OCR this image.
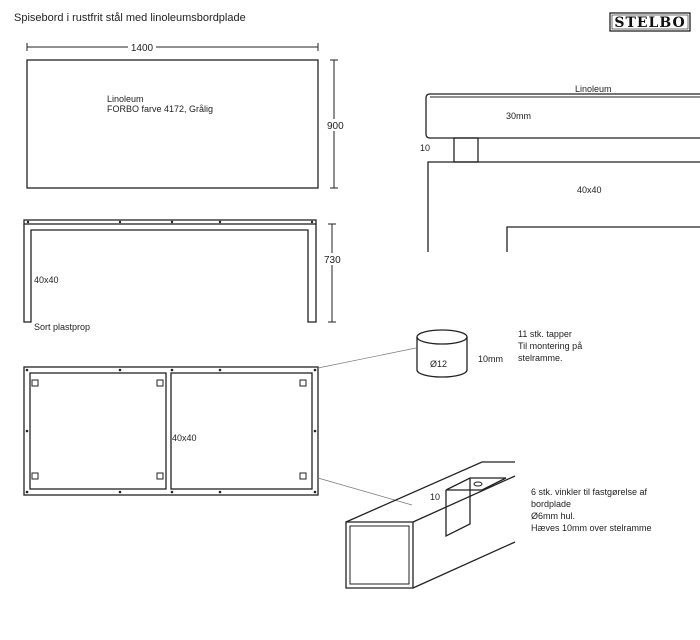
Spisebord i rustfrit stål med linoleumsbordplade	STELBO
1400
Linoleum
FORBO farve 4172, Grålig
900
40x40
Sort plastprop
730
40x40
Linoleum
30mm
10
40x40
Ø12	10mm
11 stk. tapper
Til montering på
stelramme.
10	6 stk. vinkler til fastgørelse af
bordplade
Ø6mm hul.
Hæves 10mm over stelramme
